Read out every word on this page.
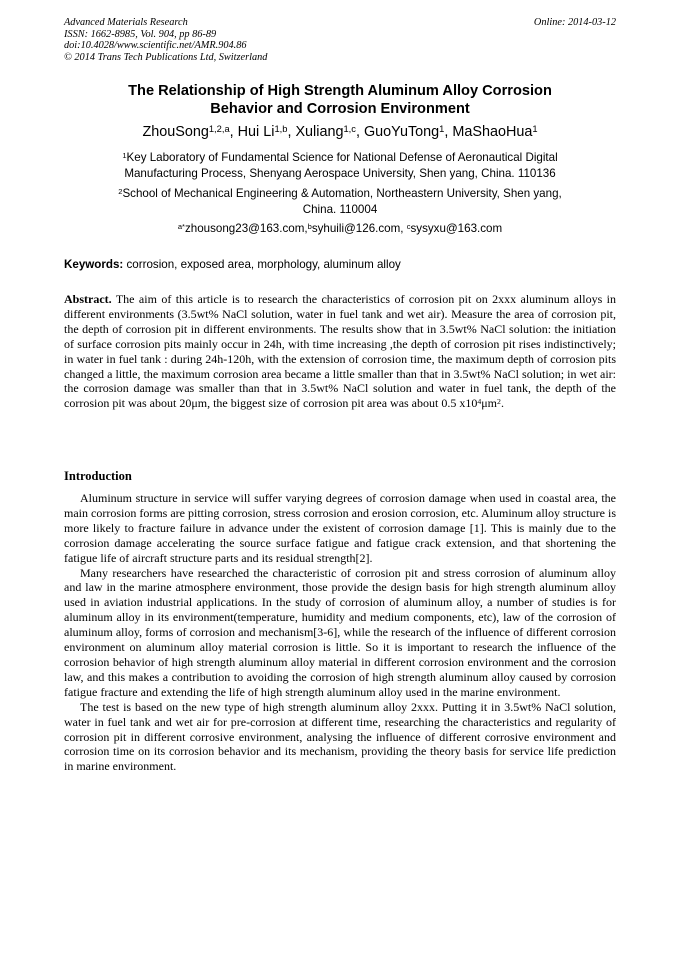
Advanced Materials Research
ISSN: 1662-8985, Vol. 904, pp 86-89
doi:10.4028/www.scientific.net/AMR.904.86
© 2014 Trans Tech Publications Ltd, Switzerland
Online: 2014-03-12
The Relationship of High Strength Aluminum Alloy Corrosion
Behavior and Corrosion Environment
ZhouSong$^{1,2,a}$, Hui Li$^{1,b}$, Xuliang$^{1,c}$, GuoYuTong$^1$, MaShaoHua$^1$
$^1$Key Laboratory of Fundamental Science for National Defense of Aeronautical Digital
Manufacturing Process, Shenyang Aerospace University, Shen yang, China. 110136
$^2$School of Mechanical Engineering & Automation, Northeastern University, Shen yang,
China. 110004
$^{a*}$zhousong23@163.com,$^b$syhuili@126.com, $^c$sysyxu@163.com
Keywords: corrosion, exposed area, morphology, aluminum alloy
Abstract. The aim of this article is to research the characteristics of corrosion pit on 2xxx aluminum alloys in different environments (3.5wt% NaCl solution, water in fuel tank and wet air). Measure the area of corrosion pit, the depth of corrosion pit in different environments. The results show that in 3.5wt% NaCl solution: the initiation of surface corrosion pits mainly occur in 24h, with time increasing ,the depth of corrosion pit rises indistinctively; in water in fuel tank : during 24h-120h, with the extension of corrosion time, the maximum depth of corrosion pits changed a little, the maximum corrosion area became a little smaller than that in 3.5wt% NaCl solution; in wet air: the corrosion damage was smaller than that in 3.5wt% NaCl solution and water in fuel tank, the depth of the corrosion pit was about 20μm, the biggest size of corrosion pit area was about 0.5 $x10^4\mu m^2$.
Introduction

Aluminum structure in service will suffer varying degrees of corrosion damage when used in coastal area, the main corrosion forms are pitting corrosion, stress corrosion and erosion corrosion, etc. Aluminum alloy structure is more likely to fracture failure in advance under the existent of corrosion damage [1]. This is mainly due to the corrosion damage accelerating the source surface fatigue and fatigue crack extension, and that shortening the fatigue life of aircraft structure parts and its residual strength[2].

Many researchers have researched the characteristic of corrosion pit and stress corrosion of aluminum alloy and law in the marine atmosphere environment, those provide the design basis for high strength aluminum alloy used in aviation industrial applications. In the study of corrosion of aluminum alloy, a number of studies is for aluminum alloy in its environment(temperature, humidity and medium components, etc), law of the corrosion of aluminum alloy, forms of corrosion and mechanism[3-6], while the research of the influence of different corrosion environment on aluminum alloy material corrosion is little. So it is important to research the influence of the corrosion behavior of high strength aluminum alloy material in different corrosion environment and the corrosion law, and this makes a contribution to avoiding the corrosion of high strength aluminum alloy caused by corrosion fatigue fracture and extending the life of high strength aluminum alloy used in the marine environment.

The test is based on the new type of high strength aluminum alloy 2xxx. Putting it in 3.5wt% NaCl solution, water in fuel tank and wet air for pre-corrosion at different time, researching the characteristics and regularity of corrosion pit in different corrosive environment, analysing the influence of different corrosive environment and corrosion time on its corrosion behavior and its mechanism, providing the theory basis for service life prediction in marine environment.
